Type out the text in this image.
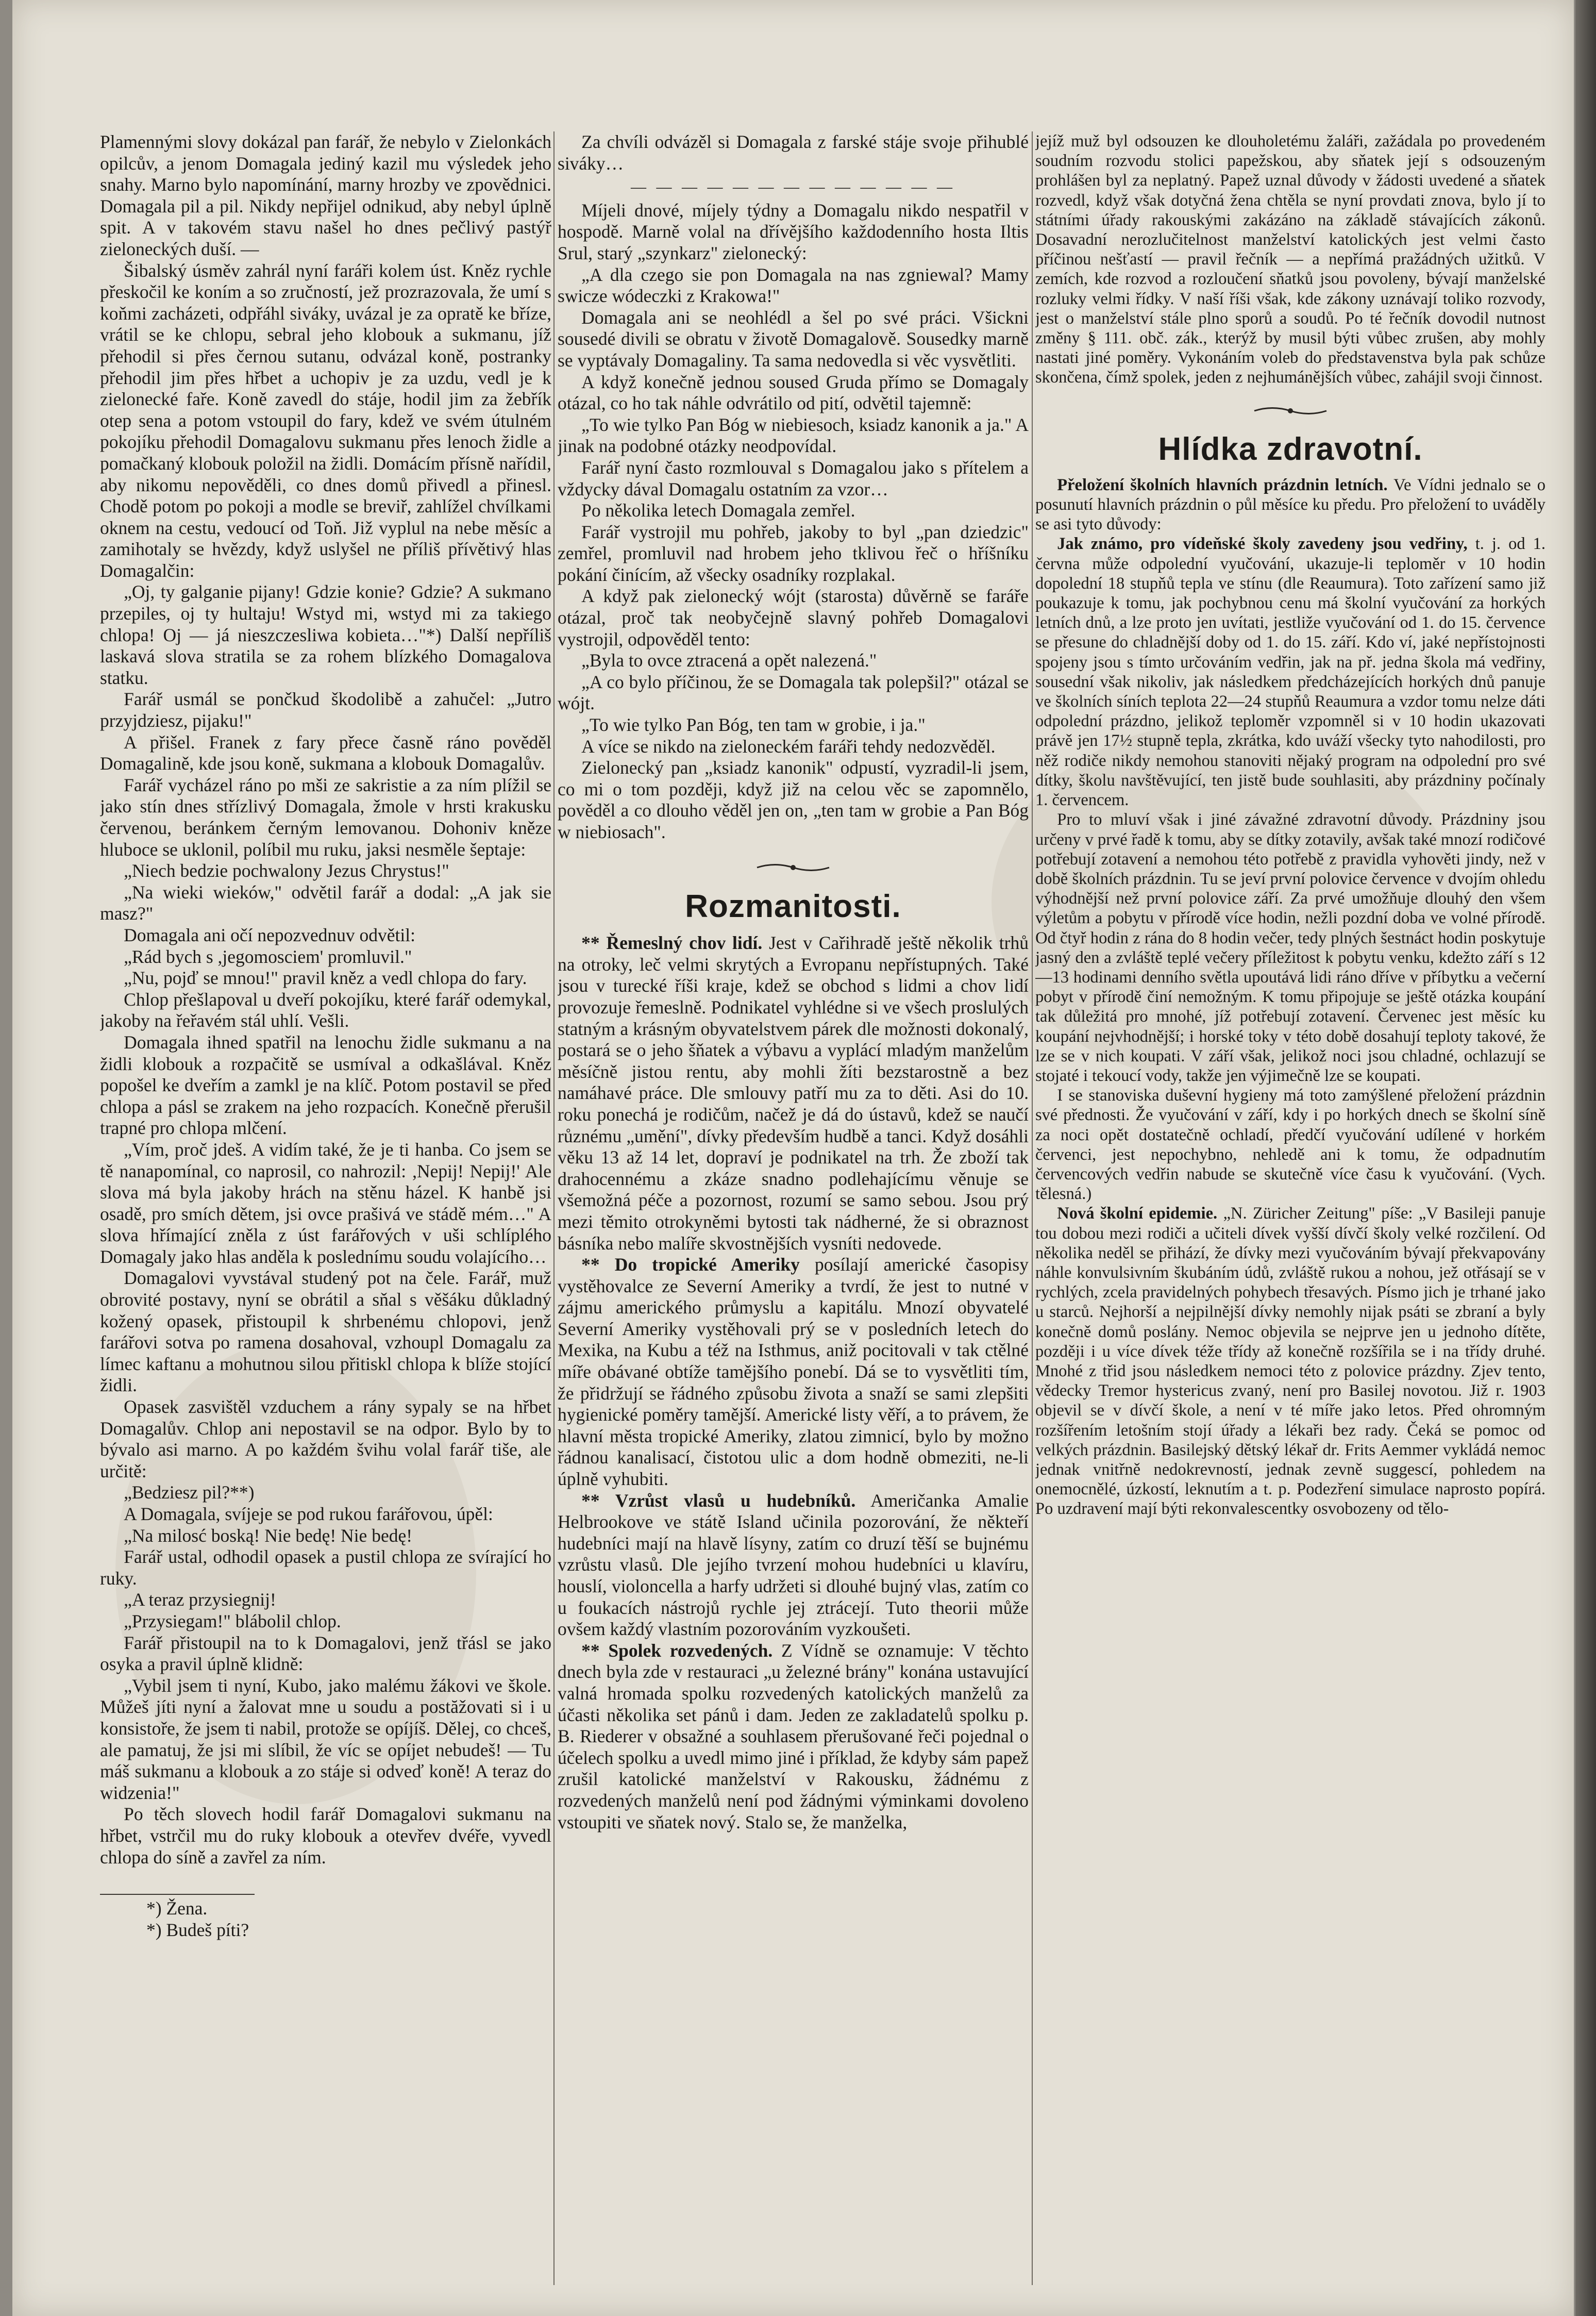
Plamennými slovy dokázal pan farář, že nebylo v Zielonkách opilcův, a jenom Domagala jediný kazil mu výsledek jeho snahy. Marno bylo napomínání, marny hrozby ve zpovědnici. Domagala pil a pil. Nikdy nepřijel odnikud, aby nebyl úplně spit. A v takovém stavu našel ho dnes pečlivý pastýř zieloneckých duší. —

Šibalský úsměv zahrál nyní faráři kolem úst. Kněz rychle přeskočil ke koním a so zručností, jež prozrazovala, že umí s koňmi zacházeti, odpřáhl siváky, uvázal je za opratě ke bříze, vrátil se ke chlopu, sebral jeho klobouk a sukmanu, jíž přehodil si přes černou sutanu, odvázal koně, postranky přehodil jim přes hřbet a uchopiv je za uzdu, vedl je k zielonecké faře. Koně zavedl do stáje, hodil jim za žebřík otep sena a potom vstoupil do fary, kdež ve svém útulném pokojíku přehodil Domagalovu sukmanu přes lenoch židle a pomačkaný klobouk položil na židli. Domácím přísně nařídil, aby nikomu nepověděli, co dnes domů přivedl a přinesl. Chodě potom po pokoji a modle se breviř, zahlížel chvílkami oknem na cestu, vedoucí od Toň. Již vyplul na nebe měsíc a zamihotaly se hvězdy, když uslyšel ne příliš přívětivý hlas Domagalčin:

„Oj, ty galganie pijany! Gdzie konie? Gdzie? A sukmano przepiles, oj ty hultaju! Wstyd mi, wstyd mi za takiego chlopa! Oj — já nieszczesliwa kobieta…"*) Další nepříliš laskavá slova stratila se za rohem blízkého Domagalova statku.

Farář usmál se pončkud škodolibě a zahučel: „Jutro przyjdziesz, pijaku!"

A přišel. Franek z fary přece časně ráno pověděl Domagalině, kde jsou koně, sukmana a klobouk Domagalův.

Farář vycházel ráno po mši ze sakristie a za ním plížil se jako stín dnes střízlivý Domagala, žmole v hrsti krakusku červenou, beránkem černým lemovanou. Dohoniv kněze hluboce se uklonil, políbil mu ruku, jaksi nesměle šeptaje:

„Niech bedzie pochwalony Jezus Chrystus!"

„Na wieki wieków," odvětil farář a dodal: „A jak sie masz?"

Domagala ani očí nepozvednuv odvětil:

„Rád bych s ,jegomosciem' promluvil."

„Nu, pojď se mnou!" pravil kněz a vedl chlopa do fary.

Chlop přešlapoval u dveří pokojíku, které farář odemykal, jakoby na řeřavém stál uhlí. Vešli.

Domagala ihned spatřil na lenochu židle sukmanu a na židli klobouk a rozpačitě se usmíval a odkašlával. Kněz popošel ke dveřím a zamkl je na klíč. Potom postavil se před chlopa a pásl se zrakem na jeho rozpacích. Konečně přerušil trapné pro chlopa mlčení.

„Vím, proč jdeš. A vidím také, že je ti hanba. Co jsem se tě nanapomínal, co naprosil, co nahrozil: ,Nepij! Nepij!' Ale slova má byla jakoby hrách na stěnu házel. K hanbě jsi osadě, pro smích dětem, jsi ovce prašivá ve stádě mém…" A slova hřímající zněla z úst farářových v uši schlíplého Domagaly jako hlas anděla k poslednímu soudu volajícího…

Domagalovi vyvstával studený pot na čele. Farář, muž obrovité postavy, nyní se obrátil a sňal s věšáku důkladný kožený opasek, přistoupil k shrbenému chlopovi, jenž farářovi sotva po ramena dosahoval, vzhoupl Domagalu za límec kaftanu a mohutnou silou přitiskl chlopa k blíže stojící židli.

Opasek zasvištěl vzduchem a rány sypaly se na hřbet Domagalův. Chlop ani nepostavil se na odpor. Bylo by to bývalo asi marno. A po každém švihu volal farář tiše, ale určitě:

„Bedziesz pil?**)

A Domagala, svíjeje se pod rukou farářovou, úpěl:

„Na milosć boską! Nie bedę! Nie bedę!

Farář ustal, odhodil opasek a pustil chlopa ze svírající ho ruky.

„A teraz przysiegnij!

„Przysiegam!" blábolil chlop.

Farář přistoupil na to k Domagalovi, jenž třásl se jako osyka a pravil úplně klidně:

„Vybil jsem ti nyní, Kubo, jako malému žákovi ve škole. Můžeš jíti nyní a žalovat mne u soudu a postăžovati si i u konsistoře, že jsem ti nabil, protože se opíjíš. Dělej, co chceš, ale pamatuj, že jsi mi slíbil, že víc se opíjet nebudeš! — Tu máš sukmanu a klobouk a zo stáje si odveď koně! A teraz do widzenia!"

Po těch slovech hodil farář Domagalovi sukmanu na hřbet, vstrčil mu do ruky klobouk a otevřev dvéře, vyvedl chlopa do síně a zavřel za ním.

*) Žena.
*) Budeš píti?

Za chvíli odvázěl si Domagala z farské stáje svoje přihublé siváky…

— — — — — — — — — — — — —

Míjeli dnové, míjely týdny a Domagalu nikdo nespatřil v hospodě. Marně volal na dřívějšího každodenního hosta Iltis Srul, starý „szynkarz" zielonecký:

„A dla czego sie pon Domagala na nas zgniewal? Mamy swicze wódeczki z Krakowa!"

Domagala ani se neohlédl a šel po své práci. Všickni sousedé divili se obratu v životě Domagalově. Sousedky marně se vyptávaly Domagaliny. Ta sama nedovedla si věc vysvětliti.

A když konečně jednou soused Gruda přímo se Domagaly otázal, co ho tak náhle odvrátilo od pití, odvětil tajemně:

„To wie tylko Pan Bóg w niebiesoch, ksiadz kanonik a ja." A jinak na podobné otázky neodpovídal.

Farář nyní často rozmlouval s Domagalou jako s přítelem a vždycky dával Domagalu ostatním za vzor…

Po několika letech Domagala zemřel.

Farář vystrojil mu pohřeb, jakoby to byl „pan dziedzic" zemřel, promluvil nad hrobem jeho tklivou řeč o hříšníku pokání činícím, až všecky osadníky rozplakal.

A když pak zielonecký wójt (starosta) důvěrně se faráře otázal, proč tak neobyčejně slavný pohřeb Domagalovi vystrojil, odpověděl tento:

„Byla to ovce ztracená a opět nalezená."

„A co bylo příčinou, že se Domagala tak polepšil?" otázal se wójt.

„To wie tylko Pan Bóg, ten tam w grobie, i ja."

A více se nikdo na zieloneckém faráři tehdy nedozvěděl.

Zielonecký pan „ksiadz kanonik" odpustí, vyzradil-li jsem, co mi o tom později, když již na celou věc se zapomnělo, pověděl a co dlouho věděl jen on, „ten tam w grobie a Pan Bóg w niebiosach".

Rozmanitosti.

** Řemeslný chov lidí. Jest v Cařihradě ještě několik trhů na otroky, leč velmi skrytých a Evropanu nepřístupných. Také jsou v turecké říši kraje, kdež se obchod s lidmi a chov lidí provozuje řemeslně. Podnikatel vyhlédne si ve všech proslulých statným a krásným obyvatelstvem párek dle možnosti dokonalý, postará se o jeho šňatek a výbavu a vyplácí mladým manželům měsíčně jistou rentu, aby mohli žíti bezstarostně a bez namáhavé práce. Dle smlouvy patří mu za to děti. Asi do 10. roku ponechá je rodičům, načež je dá do ústavů, kdež se naučí různému „umění", dívky především hudbě a tanci. Když dosáhli věku 13 až 14 let, dopraví je podnikatel na trh. Že zboží tak drahocennému a zkáze snadno podlehajícímu věnuje se všemožná péče a pozornost, rozumí se samo sebou. Jsou prý mezi těmito otrokyněmi bytosti tak nádherné, že si obraznost básníka nebo malíře skvostnějších vysníti nedovede.

** Do tropické Ameriky posílají americké časopisy vystěhovalce ze Severní Ameriky a tvrdí, že jest to nutné v zájmu amerického průmyslu a kapitálu. Mnozí obyvatelé Severní Ameriky vystěhovali prý se v posledních letech do Mexika, na Kubu a též na Isthmus, aniž pocitovali v tak ctělné míře obávané obtíže tamějšího ponebí. Dá se to vysvětliti tím, že přidržují se řádného způsobu života a snaží se sami zlepšiti hygienické poměry tamější. Americké listy věří, a to právem, že hlavní města tropické Ameriky, zlatou zimnicí, bylo by možno řádnou kanalisací, čistotou ulic a dom hodně obmeziti, ne-li úplně vyhubiti.

** Vzrůst vlasů u hudebníků. Američanka Amalie Helbrookove ve státě Island učinila pozorování, že někteří hudebníci mají na hlavě lísyny, zatím co druzí těší se bujnému vzrůstu vlasů. Dle jejího tvrzení mohou hudebníci u klavíru, houslí, violoncella a harfy udržeti si dlouhé bujný vlas, zatím co u foukacích nástrojů rychle jej ztrácejí. Tuto theorii může ovšem každý vlastním pozorováním vyzkoušeti.

** Spolek rozvedených. Z Vídně se oznamuje: V těchto dnech byla zde v restauraci „u železné brány" konána ustavující valná hromada spolku rozvedených katolických manželů za účasti několika set pánů i dam. Jeden ze zakladatelů spolku p. B. Riederer v obsažné a souhlasem přerušované řeči pojednal o účelech spolku a uvedl mimo jiné i příklad, že kdyby sám papež zrušil katolické manželství v Rakousku, žádnému z rozvedených manželů není pod žádnými výminkami dovoleno vstoupiti ve sňatek nový. Stalo se, že manželka,

jejíž muž byl odsouzen ke dlouholetému žaláři, zažádala po provedeném soudním rozvodu stolici papežskou, aby sňatek její s odsouzeným prohlášen byl za neplatný. Papež uznal důvody v žádosti uvedené a sňatek rozvedl, když však dotyčná žena chtěla se nyní provdati znova, bylo jí to státními úřady rakouskými zakázáno na základě stávajících zákonů. Dosavadní nerozlučitelnost manželství katolických jest velmi často příčinou nešťastí — pravil řečník — a nepřímá pražádných užitků. V zemích, kde rozvod a rozloučení sňatků jsou povoleny, bývají manželské rozluky velmi řídky. V naší říši však, kde zákony uznávají toliko rozvody, jest o manželství stále plno sporů a soudů. Po té řečník dovodil nutnost změny § 111. obč. zák., kterýž by musil býti vůbec zrušen, aby mohly nastati jiné poměry. Vykonáním voleb do představenstva byla pak schůze skončena, čímž spolek, jeden z nejhumánějších vůbec, zahájil svoji činnost.

Hlídka zdravotní.

Přeložení školních hlavních prázdnin letních. Ve Vídni jednalo se o posunutí hlavních prázdnin o půl měsíce ku předu. Pro přeložení to uváděly se asi tyto důvody:

Jak známo, pro vídeňské školy zavedeny jsou vedřiny, t. j. od 1. června může odpolední vyučování, ukazuje-li teploměr v 10 hodin dopolední 18 stupňů tepla ve stínu (dle Reaumura). Toto zařízení samo již poukazuje k tomu, jak pochybnou cenu má školní vyučování za horkých letních dnů, a lze proto jen uvítati, jestliže vyučování od 1. do 15. července se přesune do chladnější doby od 1. do 15. září. Kdo ví, jaké nepřístojnosti spojeny jsou s tímto určováním vedřin, jak na př. jedna škola má vedřiny, sousední však nikoliv, jak následkem předcházejících horkých dnů panuje ve školních síních teplota 22—24 stupňů Reaumura a vzdor tomu nelze dáti odpolední prázdno, jelikož teploměr vzpomněl si v 10 hodin ukazovati právě jen 17½ stupně tepla, zkrátka, kdo uváží všecky tyto nahodilosti, pro něž rodiče nikdy nemohou stanoviti nějaký program na odpolední pro své dítky, školu navštěvující, ten jistě bude souhlasiti, aby prázdniny počínaly 1. červencem.

Pro to mluví však i jiné závažné zdravotní důvody. Prázdniny jsou určeny v prvé řadě k tomu, aby se dítky zotavily, avšak také mnozí rodičové potřebují zotavení a nemohou této potřebě z pravidla vyhověti jindy, než v době školních prázdnin. Tu se jeví první polovice července v dvojím ohledu výhodnější než první polovice září. Za prvé umožňuje dlouhý den všem výletům a pobytu v přírodě více hodin, nežli pozdní doba ve volné přírodě. Od čtyř hodin z rána do 8 hodin večer, tedy plných šestnáct hodin poskytuje jasný den a zvláště teplé večery příležitost k pobytu venku, kdežto září s 12—13 hodinami denního světla upoutává lidi ráno dříve v příbytku a večerní pobyt v přírodě činí nemožným. K tomu připojuje se ještě otázka koupání tak důležitá pro mnohé, jíž potřebují zotavení. Červenec jest měsíc ku koupání nejvhodnější; i horské toky v této době dosahují teploty takové, že lze se v nich koupati. V září však, jelikož noci jsou chladné, ochlazují se stojaté i tekoucí vody, takže jen výjimečně lze se koupati.

I se stanoviska duševní hygieny má toto zamýšlené přeložení prázdnin své přednosti. Že vyučování v září, kdy i po horkých dnech se školní síně za noci opět dostatečně ochladí, předčí vyučování udílené v horkém červenci, jest nepochybno, nehledě ani k tomu, že odpadnutím červencových vedřin nabude se skutečně více času k vyučování. (Vych. tělesná.)

Nová školní epidemie. „N. Züricher Zeitung" píše: „V Basileji panuje tou dobou mezi rodiči a učiteli dívek vyšší dívčí školy velké rozčilení. Od několika neděl se přihází, že dívky mezi vyučováním bývají překvapovány náhle konvulsivním škubáním údů, zvláště rukou a nohou, jež otřásají se v rychlých, zcela pravidelných pohybech třesavých. Písmo jich je trhané jako u starců. Nejhorší a nejpilnější dívky nemohly nijak psáti se zbraní a byly konečně domů poslány. Nemoc objevila se nejprve jen u jednoho dítěte, později i u více dívek téže třídy až konečně rozšířila se i na třídy druhé. Mnohé z třid jsou následkem nemoci této z polovice prázdny. Zjev tento, vědecky Tremor hystericus zvaný, není pro Basilej novotou. Již r. 1903 objevil se v dívčí škole, a není v té míře jako letos. Před ohromným rozšířením letošním stojí úřady a lékaři bez rady. Čeká se pomoc od velkých prázdnin. Basilejský dětský lékař dr. Frits Aemmer vykládá nemoc jednak vnitřně nedokrevností, jednak zevně suggescí, pohledem na onemocnělé, úzkostí, leknutím a t. p. Podezření simulace naprosto popírá. Po uzdravení mají býti rekonvalescentky osvobozeny od tělo-
